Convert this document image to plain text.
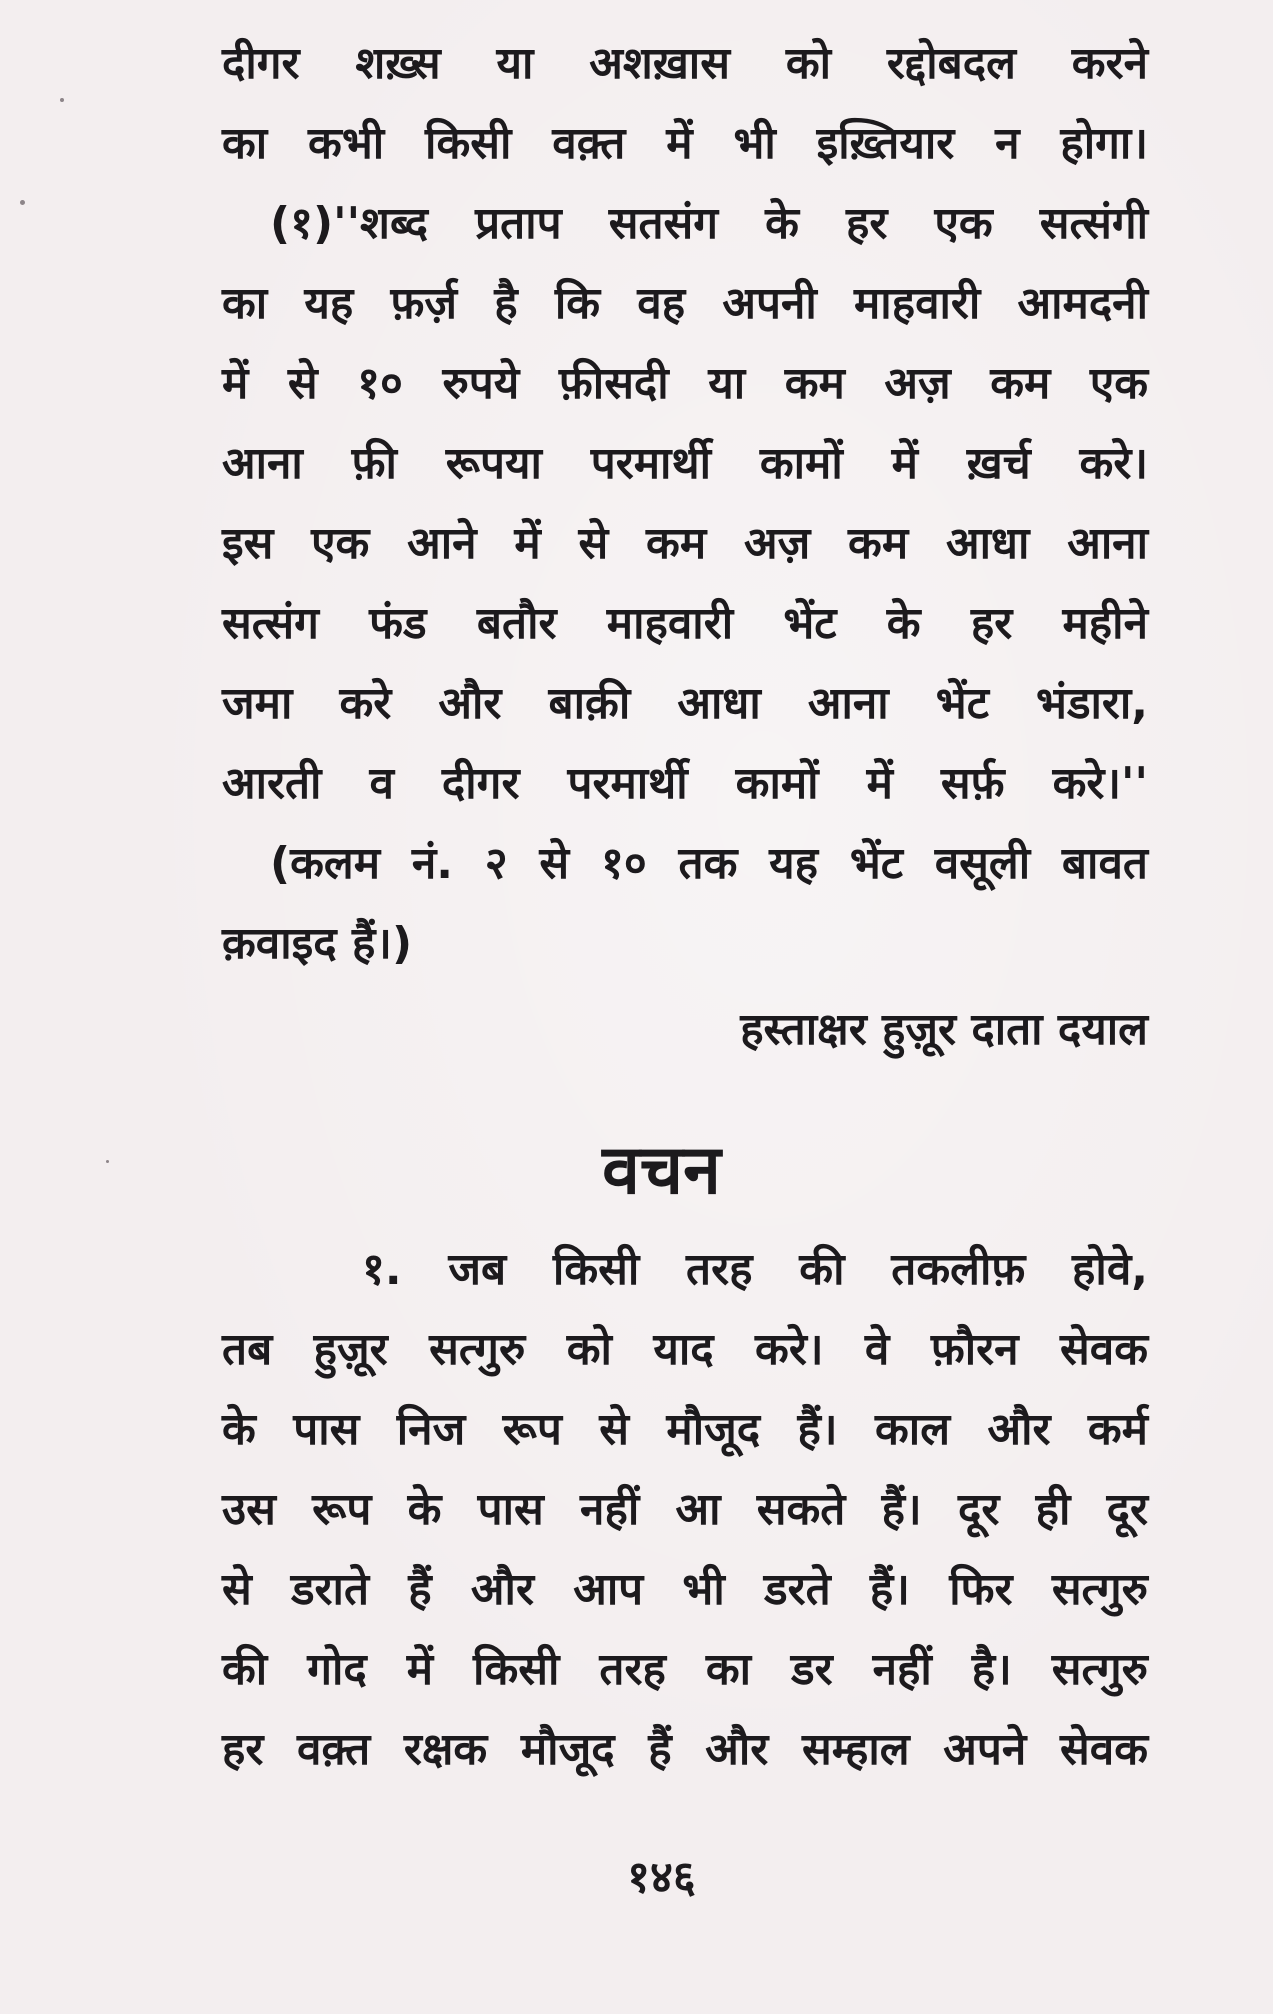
दीगर शख़्स या अशख़ास को रद्दोबदल करने
का कभी किसी वक़्त में भी इख़्तियार न होगा।
(१)''शब्द प्रताप सतसंग के हर एक सत्संगी
का यह फ़र्ज़ है कि वह अपनी माहवारी आमदनी
में से १० रुपये फ़ीसदी या कम अज़ कम एक
आना फ़ी रूपया परमार्थी कामों में ख़र्च करे।
इस एक आने में से कम अज़ कम आधा आना
सत्संग फंड बतौर माहवारी भेंट के हर महीने
जमा करे और बाक़ी आधा आना भेंट भंडारा,
आरती व दीगर परमार्थी कामों में सर्फ़ करे।''
(कलम नं. २ से १० तक यह भेंट वसूली बावत
क़वाइद हैं।)
हस्ताक्षर हुज़ूर दाता दयाल
वचन
१. जब किसी तरह की तकलीफ़ होवे,
तब हुज़ूर सत्गुरु को याद करे। वे फ़ौरन सेवक
के पास निज रूप से मौजूद हैं। काल और कर्म
उस रूप के पास नहीं आ सकते हैं। दूर ही दूर
से डराते हैं और आप भी डरते हैं। फिर सत्गुरु
की गोद में किसी तरह का डर नहीं है। सत्गुरु
हर वक़्त रक्षक मौजूद हैं और सम्हाल अपने सेवक
१४६
